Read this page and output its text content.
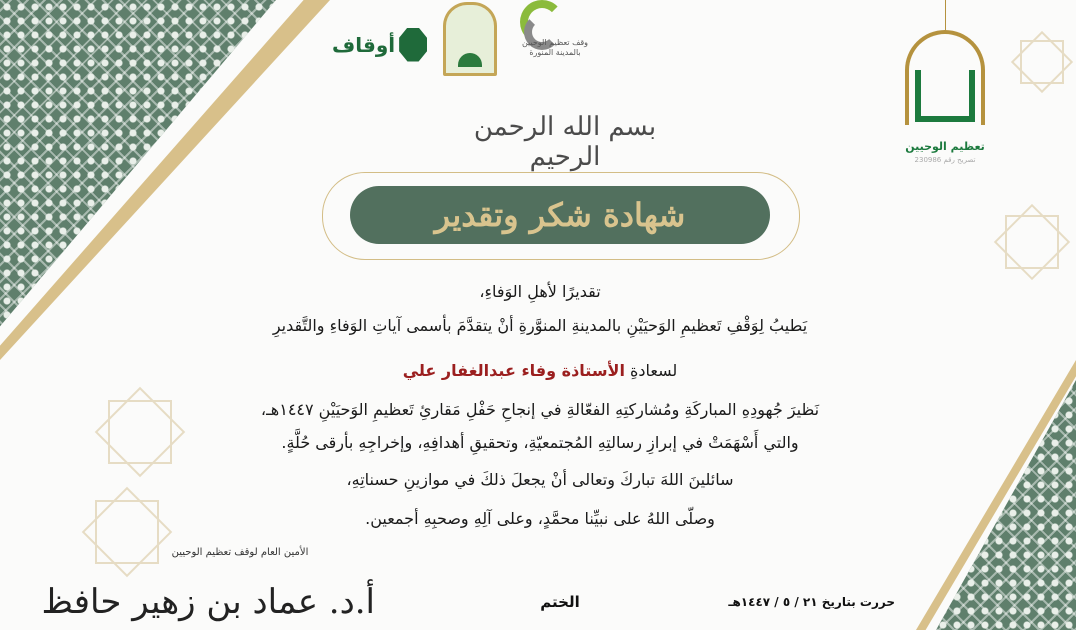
أوقاف	وقف تعظيم الوحيين بالمدينة المنورة
تعظيم الوحيين
تصريح رقم 230986
بسم الله الرحمن الرحيم
شهادة شكر وتقدير
تقديرًا لأهلِ الوَفاءِ،
يَطيبُ لِوَقْفِ تَعظيمِ الوَحيَيْنِ بالمدينةِ المنوَّرةِ أنْ يتقدَّمَ بأسمى آياتِ الوَفاءِ والتَّقديرِ
لسعادةِ الأستاذة وفاء عبدالغفار علي
نَظيرَ جُهودِهِ المباركَةِ ومُشاركتِهِ الفعّالةِ في إنجاحِ حَفْلِ مَقارئِ تَعظيمِ الوَحيَيْنِ ١٤٤٧هـ،
والتي أَسْهَمَتْ في إبرازِ رسالتِهِ المُجتمعيّةِ، وتحقيقِ أهدافِهِ، وإخراجِهِ بأرقى حُلَّةٍ.
سائلينَ اللهَ تباركَ وتعالى أنْ يجعلَ ذلكَ في موازينِ حسناتِهِ،
وصلّى اللهُ على نبيِّنا محمَّدٍ، وعلى آلِهِ وصحبِهِ أجمعين.
الأمين العام لوقف تعظيم الوحيين
أ.د. عماد بن زهير حافظ	الختم	حررت بتاريخ ٢١ / ٥ / ١٤٤٧هـ
